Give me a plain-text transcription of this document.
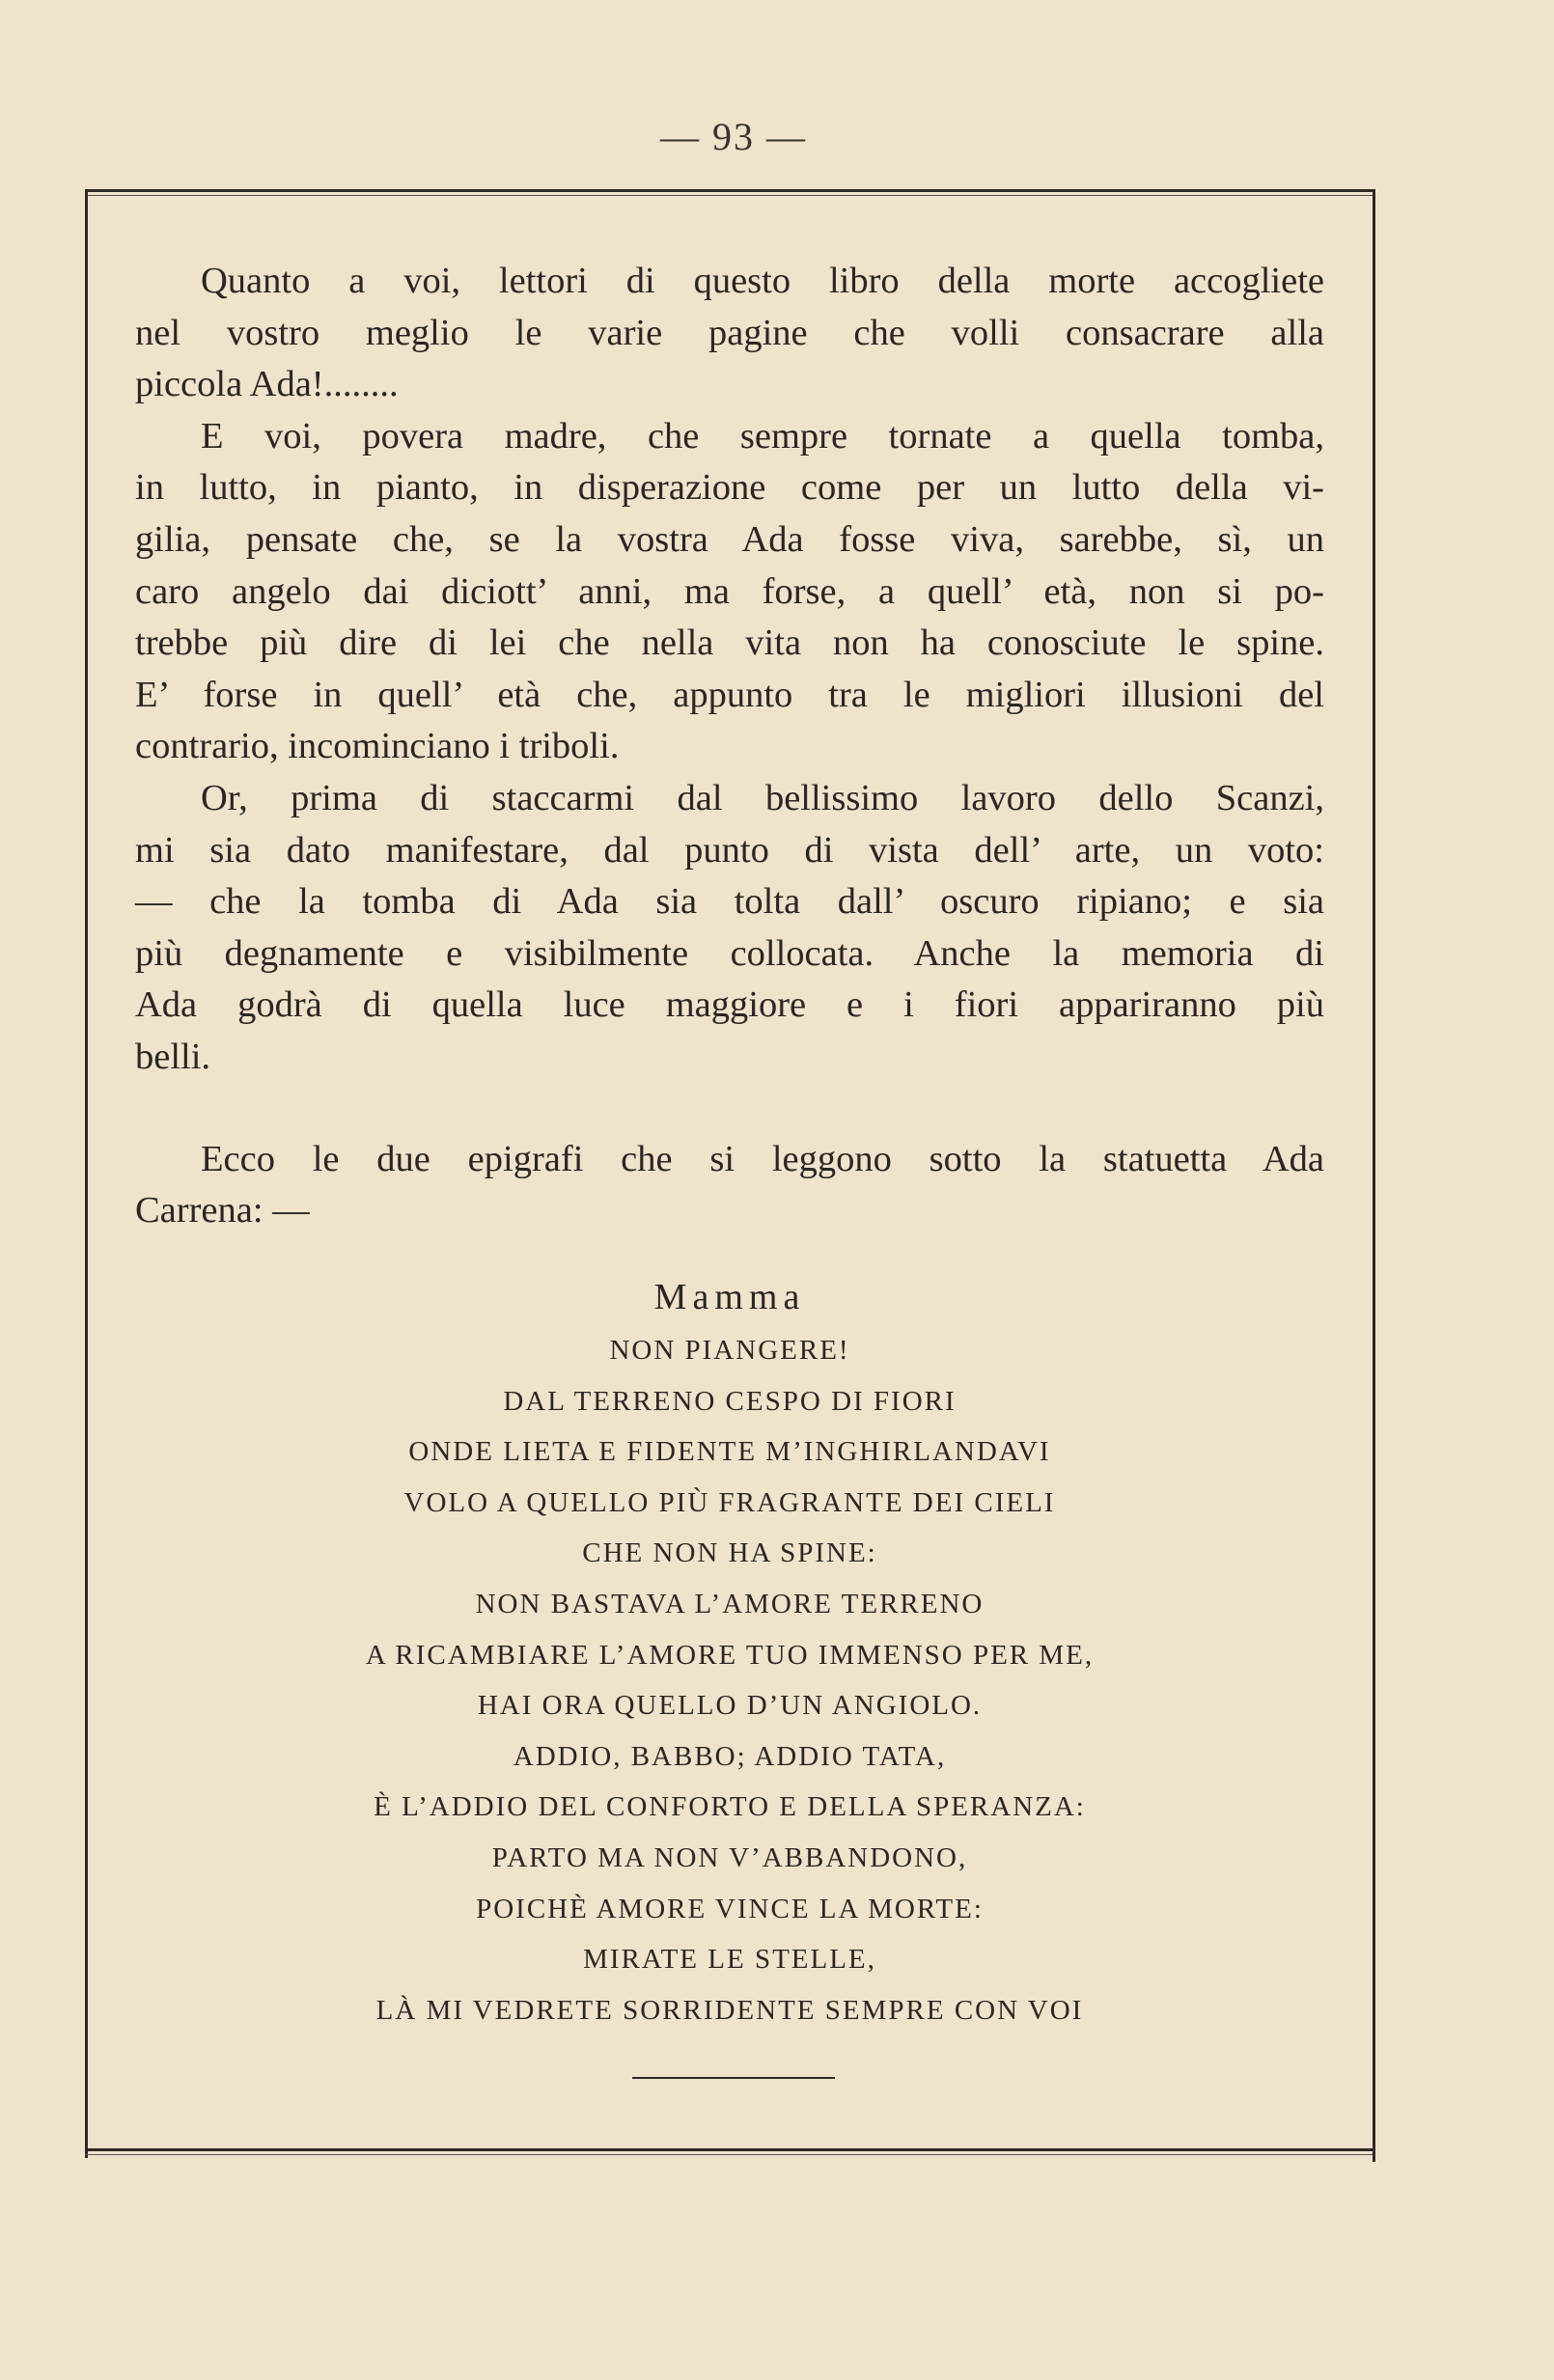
— 93 —
Quanto a voi, lettori di questo libro della morte accogliete
nel vostro meglio le varie pagine che volli consacrare alla
piccola Ada!........
E voi, povera madre, che sempre tornate a quella tomba,
in lutto, in pianto, in disperazione come per un lutto della vi-
gilia, pensate che, se la vostra Ada fosse viva, sarebbe, sì, un
caro angelo dai diciott’ anni, ma forse, a quell’ età, non si po-
trebbe più dire di lei che nella vita non ha conosciute le spine.
E’ forse in quell’ età che, appunto tra le migliori illusioni del
contrario, incominciano i triboli.
Or, prima di staccarmi dal bellissimo lavoro dello Scanzi,
mi sia dato manifestare, dal punto di vista dell’ arte, un voto:
— che la tomba di Ada sia tolta dall’ oscuro ripiano; e sia
più degnamente e visibilmente collocata. Anche la memoria di
Ada godrà di quella luce maggiore e i fiori appariranno più
belli.
Ecco le due epigrafi che si leggono sotto la statuetta Ada
Carrena: —
Mamma
NON PIANGERE!
DAL TERRENO CESPO DI FIORI
ONDE LIETA E FIDENTE M’INGHIRLANDAVI
VOLO A QUELLO PIÙ FRAGRANTE DEI CIELI
CHE NON HA SPINE:
NON BASTAVA L’AMORE TERRENO
A RICAMBIARE L’AMORE TUO IMMENSO PER ME,
HAI ORA QUELLO D’UN ANGIOLO.
ADDIO, BABBO; ADDIO TATA,
È L’ADDIO DEL CONFORTO E DELLA SPERANZA:
PARTO MA NON V’ABBANDONO,
POICHÈ AMORE VINCE LA MORTE:
MIRATE LE STELLE,
LÀ MI VEDRETE SORRIDENTE SEMPRE CON VOI
